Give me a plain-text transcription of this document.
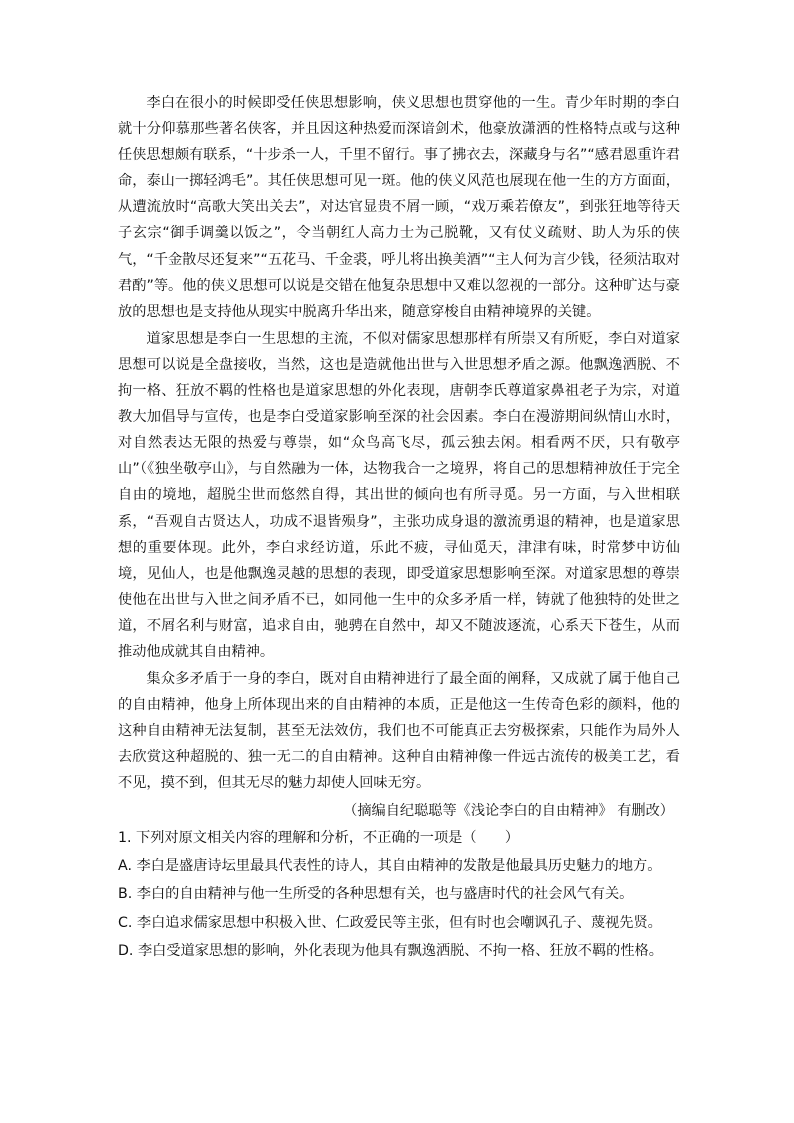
李白在很小的时候即受任侠思想影响，侠义思想也贯穿他的一生。青少年时期的李白就十分仰慕那些著名侠客，并且因这种热爱而深谙剑术，他豪放潇洒的性格特点或与这种任侠思想颇有联系，“十步杀一人，千里不留行。事了拂衣去，深藏身与名”“感君恩重许君命，泰山一掷轻鸿毛”。其任侠思想可见一斑。他的侠义风范也展现在他一生的方方面面，从遭流放时“高歌大笑出关去”，对达官显贵不屑一顾，“戏万乘若僚友”，到张狂地等待天子玄宗“御手调羹以饭之”，令当朝红人高力士为己脱靴，又有仗义疏财、助人为乐的侠气，“千金散尽还复来”“五花马、千金裘，呼儿将出换美酒”“主人何为言少钱，径须沽取对君酌”等。他的侠义思想可以说是交错在他复杂思想中又难以忽视的一部分。这种旷达与豪放的思想也是支持他从现实中脱离升华出来，随意穿梭自由精神境界的关键。

道家思想是李白一生思想的主流，不似对儒家思想那样有所崇又有所贬，李白对道家思想可以说是全盘接收，当然，这也是造就他出世与入世思想矛盾之源。他飘逸洒脱、不拘一格、狂放不羁的性格也是道家思想的外化表现，唐朝李氏尊道家鼻祖老子为宗，对道教大加倡导与宣传，也是李白受道家影响至深的社会因素。李白在漫游期间纵情山水时，对自然表达无限的热爱与尊崇，如“众鸟高飞尽，孤云独去闲。相看两不厌，只有敬亭山”（《独坐敬亭山》，与自然融为一体，达物我合一之境界，将自己的思想精神放任于完全自由的境地，超脱尘世而悠然自得，其出世的倾向也有所寻觅。另一方面，与入世相联系，“吾观自古贤达人，功成不退皆殒身”，主张功成身退的激流勇退的精神，也是道家思想的重要体现。此外，李白求经访道，乐此不疲，寻仙觅天，津津有味，时常梦中访仙境，见仙人，也是他飘逸灵越的思想的表现，即受道家思想影响至深。对道家思想的尊崇使他在出世与入世之间矛盾不已，如同他一生中的众多矛盾一样，铸就了他独特的处世之道，不屑名利与财富，追求自由，驰骋在自然中，却又不随波逐流，心系天下苍生，从而推动他成就其自由精神。

集众多矛盾于一身的李白，既对自由精神进行了最全面的阐释，又成就了属于他自己的自由精神，他身上所体现出来的自由精神的本质，正是他这一生传奇色彩的颜料，他的这种自由精神无法复制，甚至无法效仿，我们也不可能真正去穷极探索，只能作为局外人去欣赏这种超脱的、独一无二的自由精神。这种自由精神像一件远古流传的极美工艺，看不见，摸不到，但其无尽的魅力却使人回味无穷。

（摘编自纪聪聪等《浅论李白的自由精神》 有删改）

1. 下列对原文相关内容的理解和分析，不正确的一项是（　　）

A. 李白是盛唐诗坛里最具代表性的诗人，其自由精神的发散是他最具历史魅力的地方。

B. 李白的自由精神与他一生所受的各种思想有关，也与盛唐时代的社会风气有关。

C. 李白追求儒家思想中积极入世、仁政爱民等主张，但有时也会嘲讽孔子、蔑视先贤。

D. 李白受道家思想的影响，外化表现为他具有飘逸洒脱、不拘一格、狂放不羁的性格。
